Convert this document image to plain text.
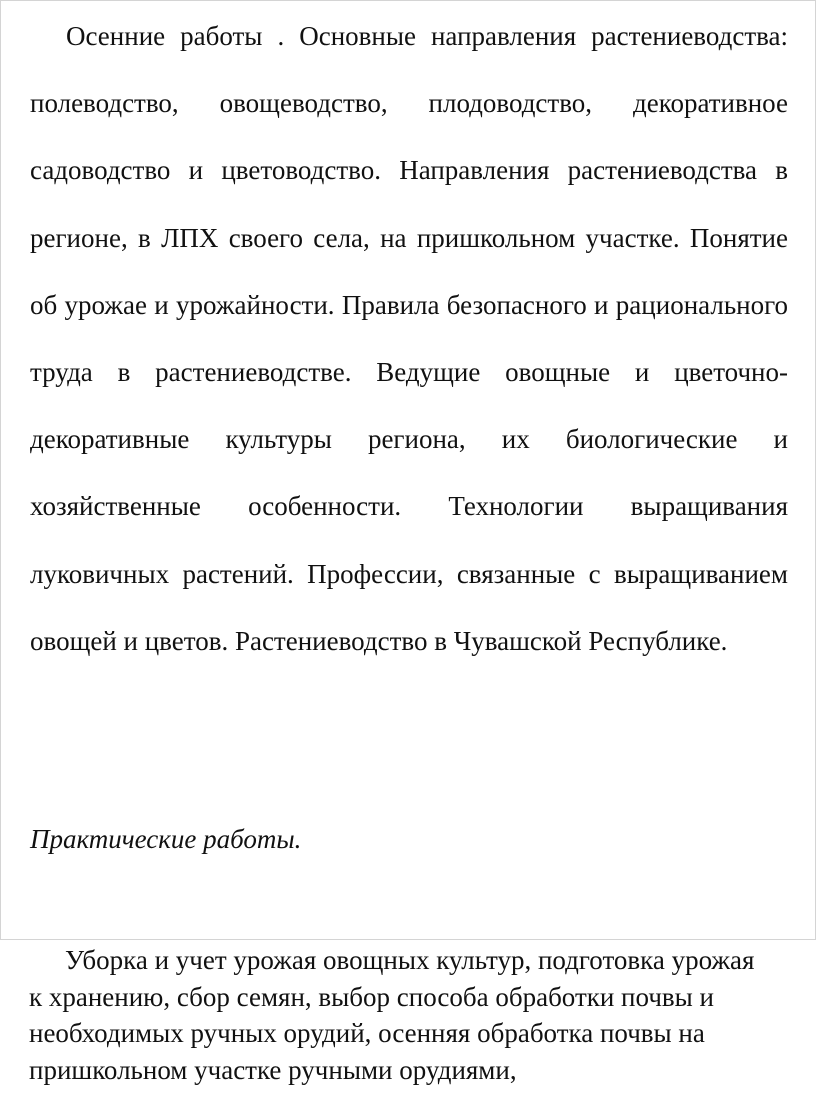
Осенние работы . Основные направления растениеводства: полеводство, овощеводство, плодоводство, декоративное садоводство и цветоводство. Направления растениеводства в регионе, в ЛПХ своего села, на пришкольном участке. Понятие об урожае и урожайности. Правила безопасного и рационального труда в растениеводстве. Ведущие овощные и цветочно-декоративные культуры региона, их биологические и хозяйственные особенности. Технологии выращивания луковичных растений. Профессии, связанные с выращиванием овощей и цветов. Растениеводство в Чувашской Республике.

Практические работы.

Уборка и учет урожая овощных культур, подготовка урожая к хранению, сбор семян, выбор способа обработки почвы и необходимых ручных орудий, осенняя обработка почвы на пришкольном участке ручными орудиями,
